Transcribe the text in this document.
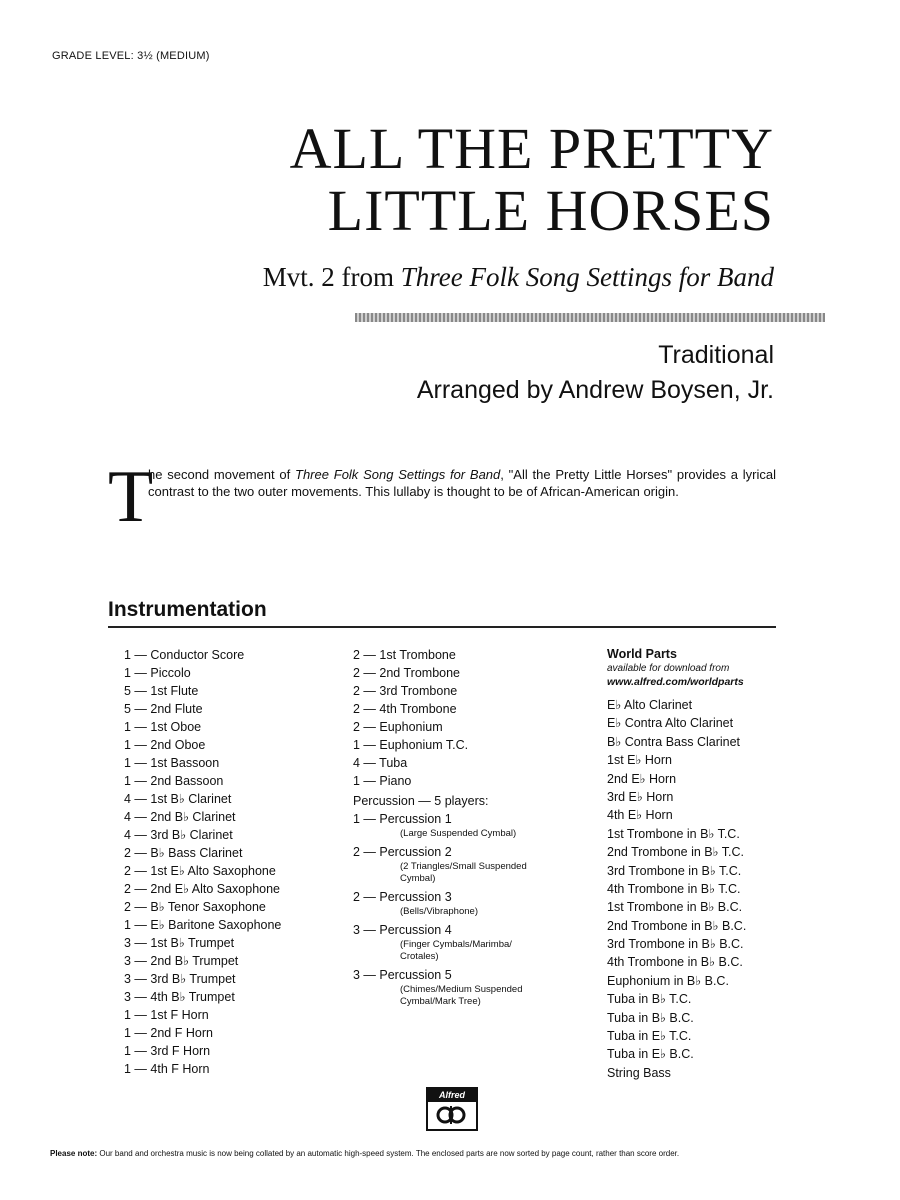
GRADE LEVEL: 3½ (MEDIUM)
ALL THE PRETTY
LITTLE HORSES
Mvt. 2 from Three Folk Song Settings for Band
Traditional
Arranged by Andrew Boysen, Jr.
T
he second movement of Three Folk Song Settings for Band, "All the Pretty Little Horses" provides a lyrical contrast to the two outer movements. This lullaby is thought to be of African-American origin.
Instrumentation
1 — Conductor Score
1 — Piccolo
5 — 1st Flute
5 — 2nd Flute
1 — 1st Oboe
1 — 2nd Oboe
1 — 1st Bassoon
1 — 2nd Bassoon
4 — 1st B♭ Clarinet
4 — 2nd B♭ Clarinet
4 — 3rd B♭ Clarinet
2 — B♭ Bass Clarinet
2 — 1st E♭ Alto Saxophone
2 — 2nd E♭ Alto Saxophone
2 — B♭ Tenor Saxophone
1 — E♭ Baritone Saxophone
3 — 1st B♭ Trumpet
3 — 2nd B♭ Trumpet
3 — 3rd B♭ Trumpet
3 — 4th B♭ Trumpet
1 — 1st F Horn
1 — 2nd F Horn
1 — 3rd F Horn
1 — 4th F Horn
2 — 1st Trombone
2 — 2nd Trombone
2 — 3rd Trombone
2 — 4th Trombone
2 — Euphonium
1 — Euphonium T.C.
4 — Tuba
1 — Piano
Percussion — 5 players:
1 — Percussion 1
(Large Suspended Cymbal)
2 — Percussion 2
(2 Triangles/Small Suspended
Cymbal)
2 — Percussion 3
(Bells/Vibraphone)
3 — Percussion 4
(Finger Cymbals/Marimba/
Crotales)
3 — Percussion 5
(Chimes/Medium Suspended
Cymbal/Mark Tree)
World Parts
available for download from
www.alfred.com/worldparts
E♭ Alto Clarinet
E♭ Contra Alto Clarinet
B♭ Contra Bass Clarinet
1st E♭ Horn
2nd E♭ Horn
3rd E♭ Horn
4th E♭ Horn
1st Trombone in B♭ T.C.
2nd Trombone in B♭ T.C.
3rd Trombone in B♭ T.C.
4th Trombone in B♭ T.C.
1st Trombone in B♭ B.C.
2nd Trombone in B♭ B.C.
3rd Trombone in B♭ B.C.
4th Trombone in B♭ B.C.
Euphonium in B♭ B.C.
Tuba in B♭ T.C.
Tuba in B♭ B.C.
Tuba in E♭ T.C.
Tuba in E♭ B.C.
String Bass
Alfred
Please note: Our band and orchestra music is now being collated by an automatic high-speed system. The enclosed parts are now sorted by page count, rather than score order.
